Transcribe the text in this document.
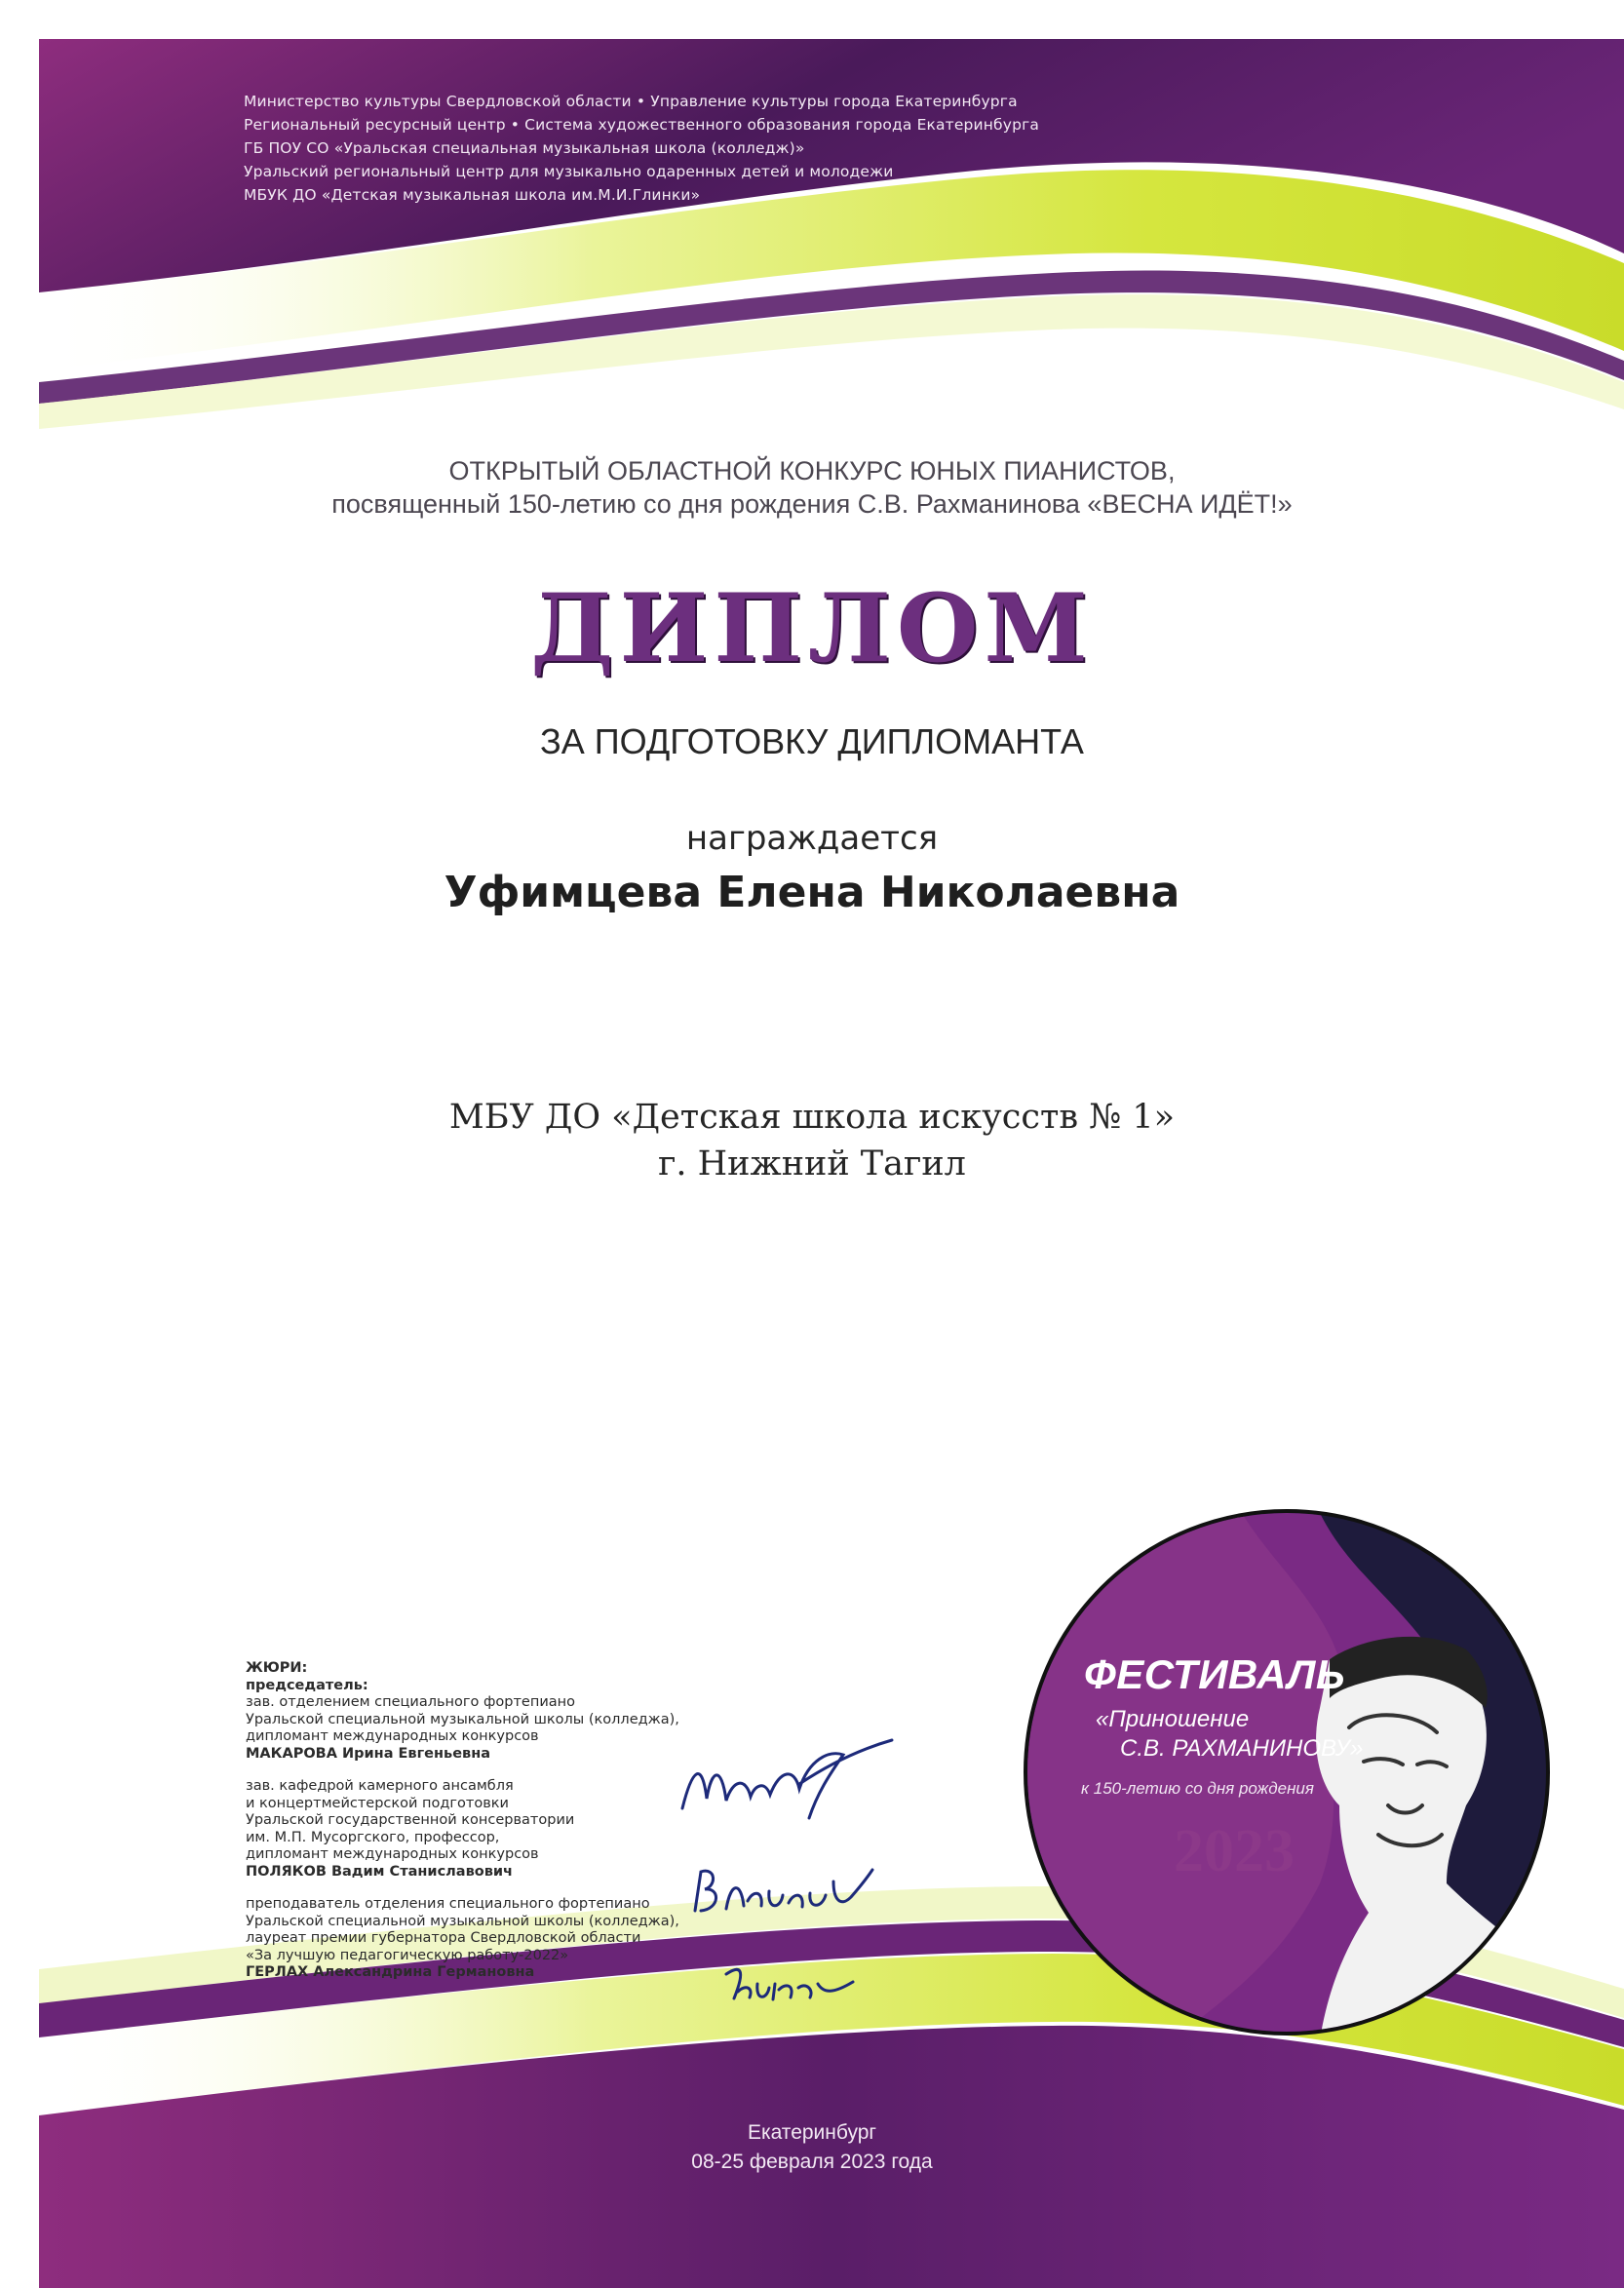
Министерство культуры Свердловской области • Управление культуры города Екатеринбурга
Региональный ресурсный центр • Система художественного образования города Екатеринбурга
ГБ ПОУ СО «Уральская специальная музыкальная школа (колледж)»
Уральский региональный центр для музыкально одаренных детей и молодежи
МБУК ДО «Детская музыкальная школа им.М.И.Глинки»
ОТКРЫТЫЙ ОБЛАСТНОЙ КОНКУРС ЮНЫХ ПИАНИСТОВ,
посвященный 150-летию со дня рождения С.В. Рахманинова «ВЕСНА ИДЁТ!»
ДИПЛОМ
ЗА ПОДГОТОВКУ ДИПЛОМАНТА
награждается
Уфимцева Елена Николаевна
МБУ ДО «Детская школа искусств № 1»
г. Нижний Тагил
ЖЮРИ:
председатель:
зав. отделением специального фортепиано
Уральской специальной музыкальной школы (колледжа),
дипломант международных конкурсов
МАКАРОВА Ирина Евгеньевна
зав. кафедрой камерного ансамбля
и концертмейстерской подготовки
Уральской государственной консерватории
им. М.П. Мусоргского, профессор,
дипломант международных конкурсов
ПОЛЯКОВ Вадим Станиславович
преподаватель отделения специального фортепиано
Уральской специальной музыкальной школы (колледжа),
лауреат премии губернатора Свердловской области
«За лучшую педагогическую работу-2022»
ГЕРЛАХ Александрина Германовна
ФЕСТИВАЛЬ
«Приношение
С.В. РАХМАНИНОВУ»
к 150-летию со дня рождения
2023
Екатеринбург
08-25 февраля 2023 года
